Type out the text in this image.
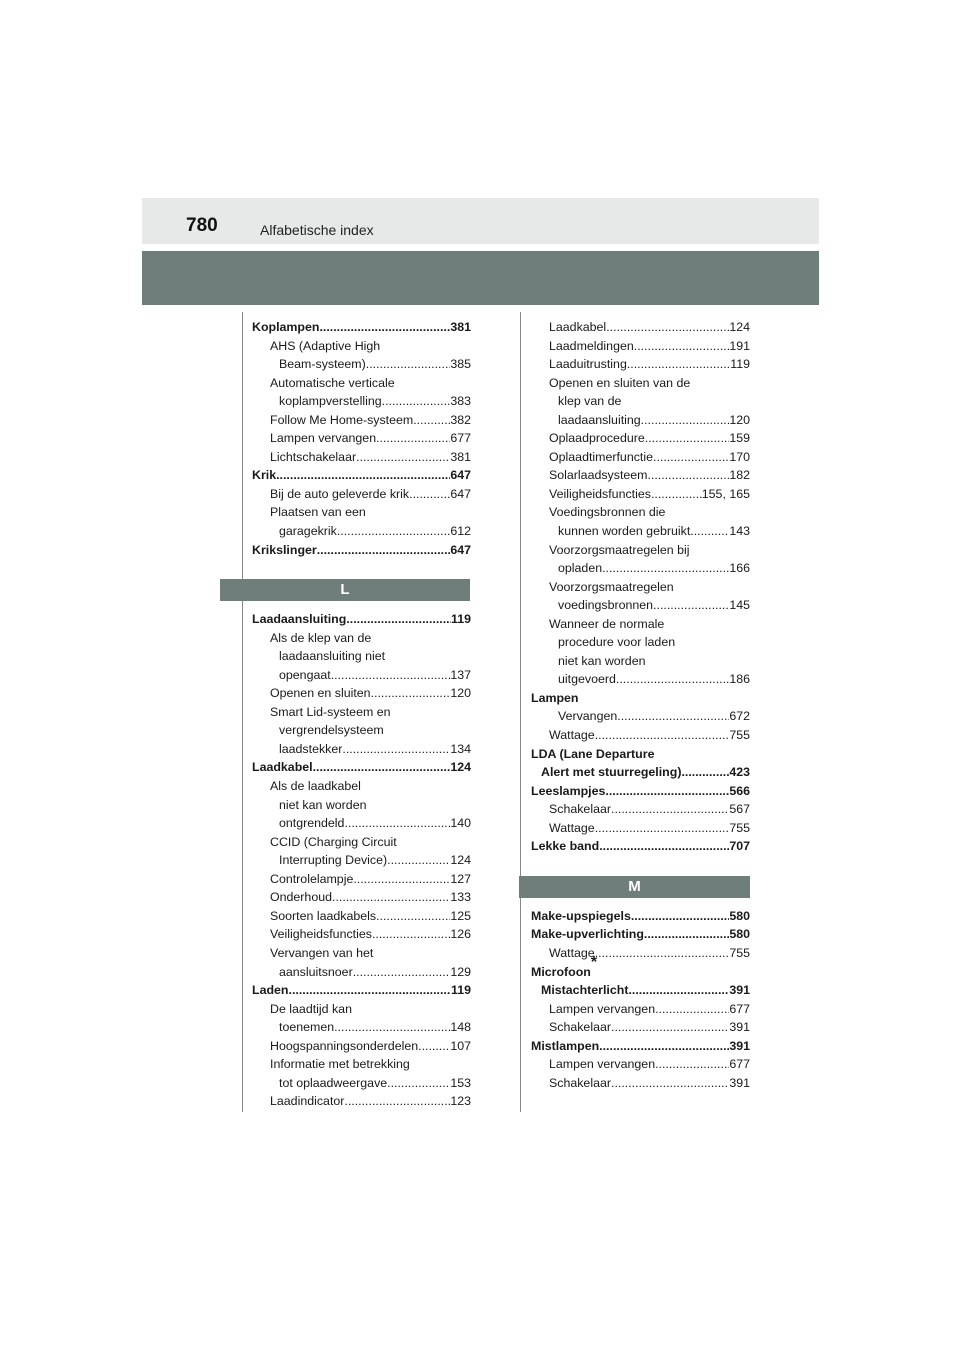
780	Alfabetische index
Koplampen .....	381
AHS (Adaptive High
Beam-systeem) .....	385
Automatische verticale
koplampverstelling .....	383
Follow Me Home-systeem .....	382
Lampen vervangen .....	677
Lichtschakelaar .....	381
Krik .....	647
Bij de auto geleverde krik .....	647
Plaatsen van een
garagekrik .....	612
Krikslinger .....	647
L
Laadaansluiting .....	119
Als de klep van de
laadaansluiting niet
opengaat .....	137
Openen en sluiten .....	120
Smart Lid-systeem en
vergrendelsysteem
laadstekker .....	134
Laadkabel .....	124
Als de laadkabel
niet kan worden
ontgrendeld .....	140
CCID (Charging Circuit
Interrupting Device) .....	124
Controlelampje .....	127
Onderhoud .....	133
Soorten laadkabels .....	125
Veiligheidsfuncties .....	126
Vervangen van het
aansluitsnoer .....	129
Laden .....	119
De laadtijd kan
toenemen .....	148
Hoogspanningsonderdelen .....	107
Informatie met betrekking
tot oplaadweergave .....	153
Laadindicator .....	123
Laadkabel .....	124
Laadmeldingen .....	191
Laaduitrusting .....	119
Openen en sluiten van de
klep van de
laadaansluiting .....	120
Oplaadprocedure .....	159
Oplaadtimerfunctie .....	170
Solarlaadsysteem .....	182
Veiligheidsfuncties .....	155, 165
Voedingsbronnen die
kunnen worden gebruikt .....	143
Voorzorgsmaatregelen bij
opladen .....	166
Voorzorgsmaatregelen
voedingsbronnen .....	145
Wanneer de normale
procedure voor laden
niet kan worden
uitgevoerd .....	186
Lampen
Vervangen .....	672
Wattage .....	755
LDA (Lane Departure
Alert met stuurregeling) .....	423
Leeslampjes .....	566
Schakelaar .....	567
Wattage .....	755
Lekke band .....	707
M
Make-upspiegels .....	580
Make-upverlichting .....	580
Wattage .....	755
Microfoon
*
Mistachterlicht .....	391
Lampen vervangen .....	677
Schakelaar .....	391
Mistlampen .....	391
Lampen vervangen .....	677
Schakelaar .....	391
